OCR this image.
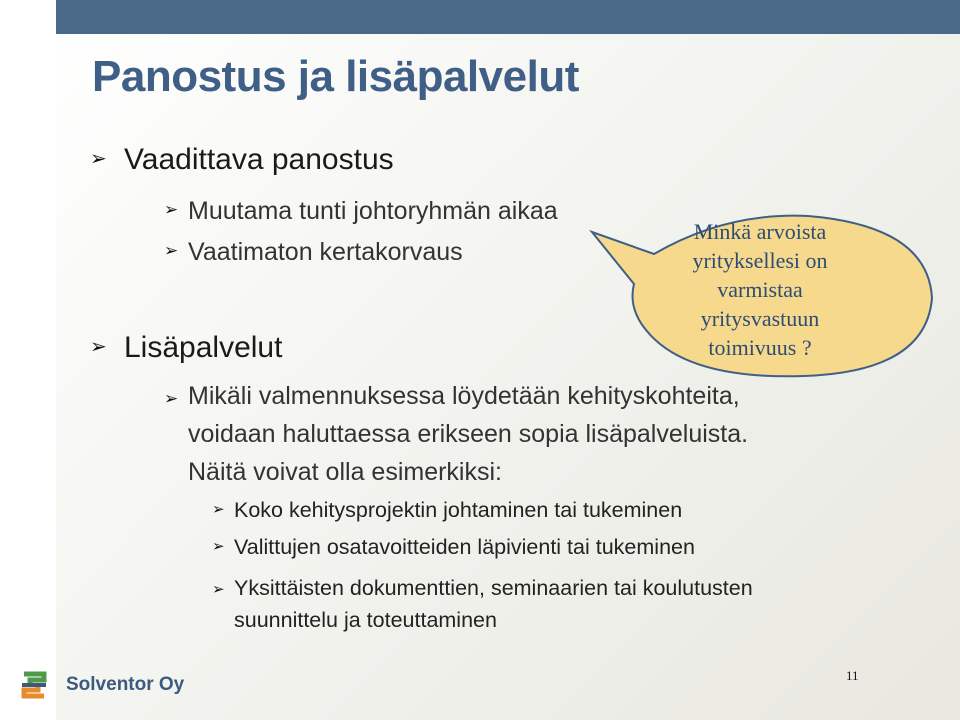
Panostus ja lisäpalvelut
➢ Vaadittava panostus
➢ Muutama tunti johtoryhmän aikaa
➢ Vaatimaton kertakorvaus
➢ Lisäpalvelut
➢ Mikäli valmennuksessa löydetään kehityskohteita,
voidaan haluttaessa erikseen sopia lisäpalveluista.
Näitä voivat olla esimerkiksi:
➢ Koko kehitysprojektin johtaminen tai tukeminen
➢ Valittujen osatavoitteiden läpivienti tai tukeminen
➢ Yksittäisten dokumenttien, seminaarien tai koulutusten
suunnittelu ja toteuttaminen
Minkä arvoista
yrityksellesi on
varmistaa
yritysvastuun
toimivuus ?
Solventor Oy	11
